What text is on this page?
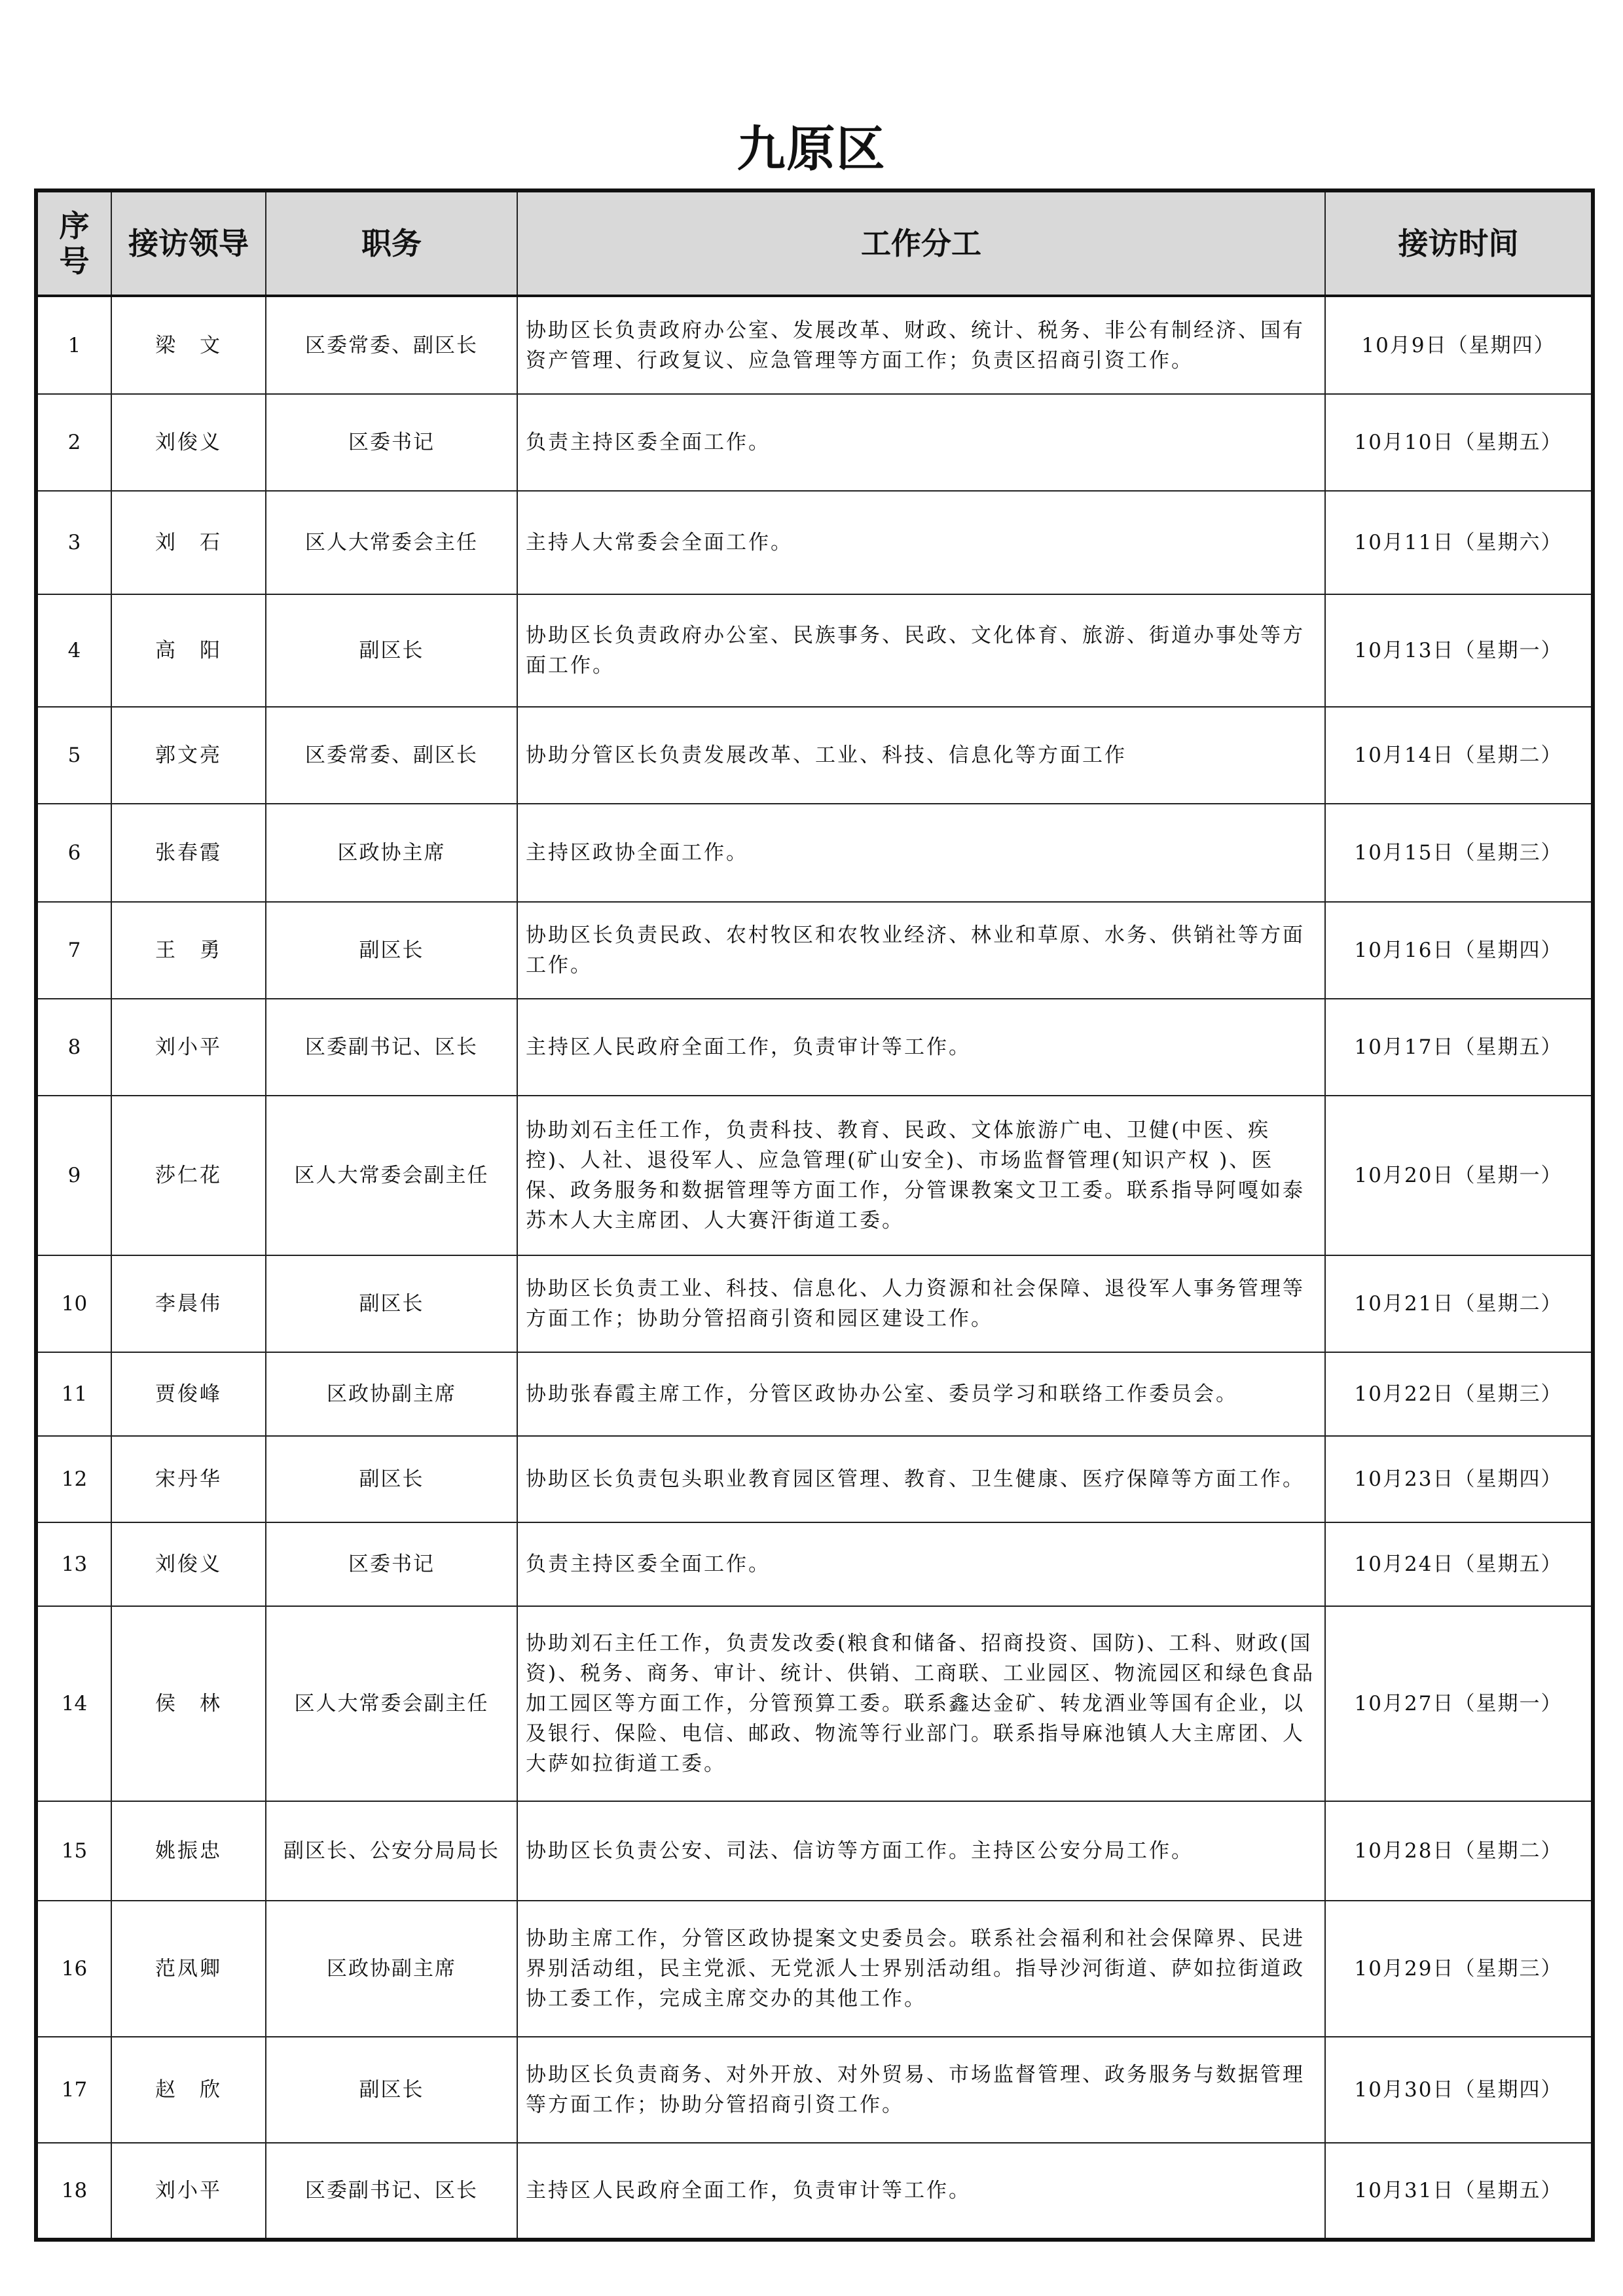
九原区
序号	接访领导	职务	工作分工	接访时间
1	梁　文	区委常委、副区长	协助区长负责政府办公室、发展改革、财政、统计、税务、非公有制经济、国有资产管理、行政复议、应急管理等方面工作；负责区招商引资工作。	10月9日（星期四）
2	刘俊义	区委书记	负责主持区委全面工作。	10月10日（星期五）
3	刘　石	区人大常委会主任	主持人大常委会全面工作。	10月11日（星期六）
4	高　阳	副区长	协助区长负责政府办公室、民族事务、民政、文化体育、旅游、街道办事处等方面工作。	10月13日（星期一）
5	郭文亮	区委常委、副区长	协助分管区长负责发展改革、工业、科技、信息化等方面工作	10月14日（星期二）
6	张春霞	区政协主席	主持区政协全面工作。	10月15日（星期三）
7	王　勇	副区长	协助区长负责民政、农村牧区和农牧业经济、林业和草原、水务、供销社等方面工作。	10月16日（星期四）
8	刘小平	区委副书记、区长	主持区人民政府全面工作，负责审计等工作。	10月17日（星期五）
9	莎仁花	区人大常委会副主任	协助刘石主任工作，负责科技、教育、民政、文体旅游广电、卫健(中医、疾控)、人社、退役军人、应急管理(矿山安全)、市场监督管理(知识产权 )、医保、政务服务和数据管理等方面工作，分管课教案文卫工委。联系指导阿嘎如泰苏木人大主席团、人大赛汗街道工委。	10月20日（星期一）
10	李晨伟	副区长	协助区长负责工业、科技、信息化、人力资源和社会保障、退役军人事务管理等方面工作；协助分管招商引资和园区建设工作。	10月21日（星期二）
11	贾俊峰	区政协副主席	协助张春霞主席工作，分管区政协办公室、委员学习和联络工作委员会。	10月22日（星期三）
12	宋丹华	副区长	协助区长负责包头职业教育园区管理、教育、卫生健康、医疗保障等方面工作。	10月23日（星期四）
13	刘俊义	区委书记	负责主持区委全面工作。	10月24日（星期五）
14	侯　林	区人大常委会副主任	协助刘石主任工作，负责发改委(粮食和储备、招商投资、国防)、工科、财政(国资)、税务、商务、审计、统计、供销、工商联、工业园区、物流园区和绿色食品加工园区等方面工作，分管预算工委。联系鑫达金矿、转龙酒业等国有企业，以及银行、保险、电信、邮政、物流等行业部门。联系指导麻池镇人大主席团、人大萨如拉街道工委。	10月27日（星期一）
15	姚振忠	副区长、公安分局局长	协助区长负责公安、司法、信访等方面工作。主持区公安分局工作。	10月28日（星期二）
16	范凤卿	区政协副主席	协助主席工作，分管区政协提案文史委员会。联系社会福利和社会保障界、民进界别活动组，民主党派、无党派人士界别活动组。指导沙河街道、萨如拉街道政协工委工作，完成主席交办的其他工作。	10月29日（星期三）
17	赵　欣	副区长	协助区长负责商务、对外开放、对外贸易、市场监督管理、政务服务与数据管理等方面工作；协助分管招商引资工作。	10月30日（星期四）
18	刘小平	区委副书记、区长	主持区人民政府全面工作，负责审计等工作。	10月31日（星期五）
